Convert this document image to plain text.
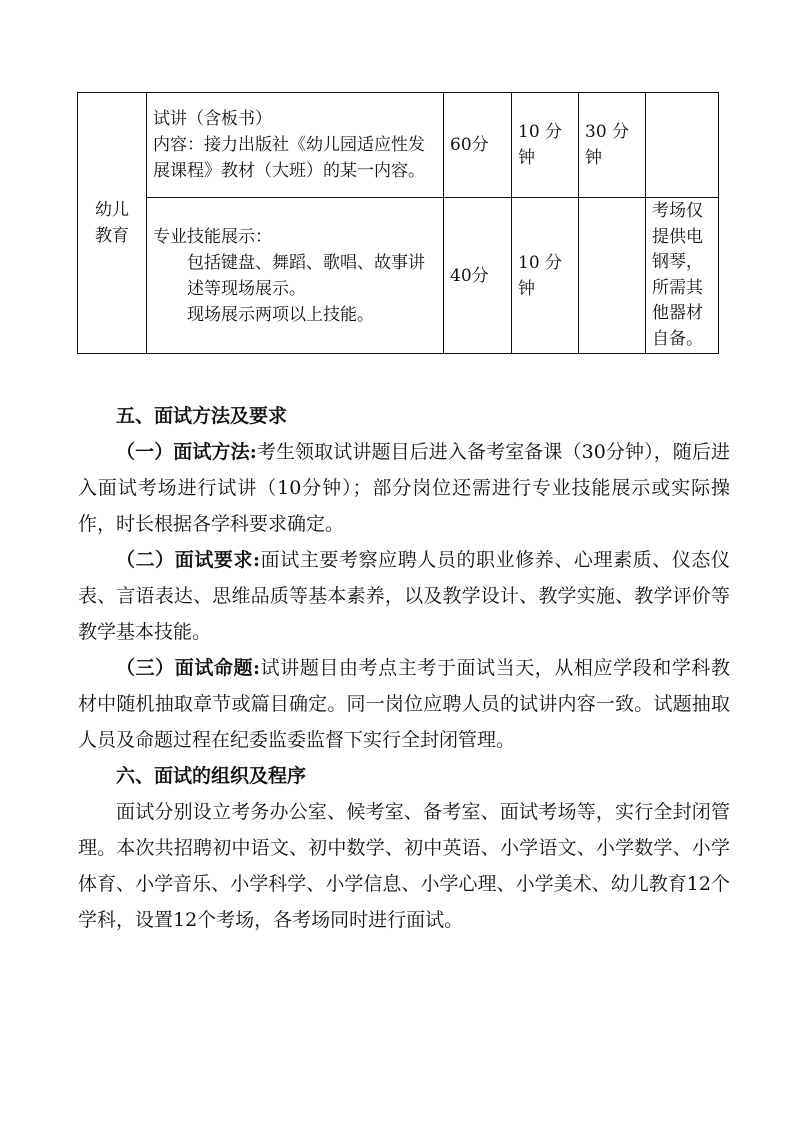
幼儿
教育	试讲（含板书）
内容：接力出版社《幼儿园适应性发展课程》教材（大班）的某一内容。	60分	10 分钟	30 分钟	

	专业技能展示：
包括键盘、舞蹈、歌唱、故事讲述等现场展示。
现场展示两项以上技能。	40分	10 分钟		考场仅提供电钢琴，所需其他器材自备。
五、面试方法及要求

（一）面试方法:考生领取试讲题目后进入备考室备课（30分钟），随后进入面试考场进行试讲（10分钟）；部分岗位还需进行专业技能展示或实际操作，时长根据各学科要求确定。

（二）面试要求:面试主要考察应聘人员的职业修养、心理素质、仪态仪表、言语表达、思维品质等基本素养，以及教学设计、教学实施、教学评价等教学基本技能。

（三）面试命题:试讲题目由考点主考于面试当天，从相应学段和学科教材中随机抽取章节或篇目确定。同一岗位应聘人员的试讲内容一致。试题抽取人员及命题过程在纪委监委监督下实行全封闭管理。

六、面试的组织及程序

面试分别设立考务办公室、候考室、备考室、面试考场等，实行全封闭管理。本次共招聘初中语文、初中数学、初中英语、小学语文、小学数学、小学体育、小学音乐、小学科学、小学信息、小学心理、小学美术、幼儿教育12个学科，设置12个考场，各考场同时进行面试。
